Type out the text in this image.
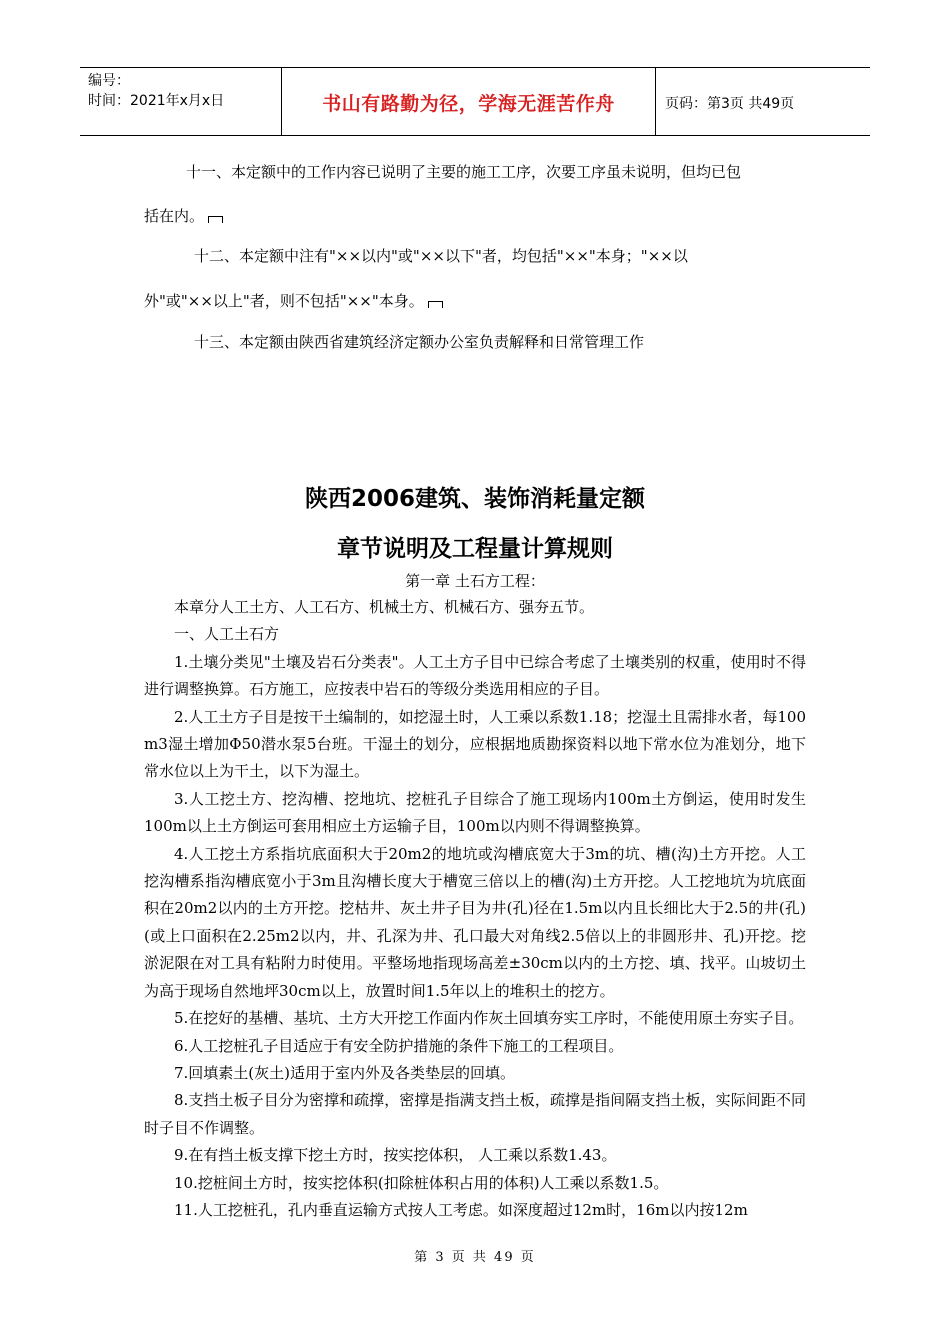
编号：
时间：2021年x月x日	书山有路勤为径，学海无涯苦作舟	页码：第3页 共49页
十一、本定额中的工作内容已说明了主要的施工工序，次要工序虽未说明，但均已包
括在内。
十二、本定额中注有"××以内"或"××以下"者，均包括"××"本身；"××以
外"或"××以上"者，则不包括"××"本身。
十三、本定额由陕西省建筑经济定额办公室负责解释和日常管理工作
陕西2006建筑、装饰消耗量定额
章节说明及工程量计算规则
第一章 土石方工程：

本章分人工土方、人工石方、机械土方、机械石方、强夯五节。

一、人工土石方

1.土壤分类见"土壤及岩石分类表"。人工土方子目中已综合考虑了土壤类别的权重，使用时不得进行调整换算。石方施工，应按表中岩石的等级分类选用相应的子目。

2.人工土方子目是按干土编制的，如挖湿土时，人工乘以系数1.18；挖湿土且需排水者，每100 m3湿土增加Φ50潜水泵5台班。干湿土的划分，应根据地质勘探资料以地下常水位为准划分，地下常水位以上为干土，以下为湿土。

3.人工挖土方、挖沟槽、挖地坑、挖桩孔子目综合了施工现场内100m土方倒运，使用时发生100m以上土方倒运可套用相应土方运输子目，100m以内则不得调整换算。

4.人工挖土方系指坑底面积大于20m2的地坑或沟槽底宽大于3m的坑、槽(沟)土方开挖。人工挖沟槽系指沟槽底宽小于3m且沟槽长度大于槽宽三倍以上的槽(沟)土方开挖。人工挖地坑为坑底面积在20m2以内的土方开挖。挖枯井、灰土井子目为井(孔)径在1.5m以内且长细比大于2.5的井(孔)(或上口面积在2.25m2以内，井、孔深为井、孔口最大对角线2.5倍以上的非圆形井、孔)开挖。挖淤泥限在对工具有粘附力时使用。平整场地指现场高差±30cm以内的土方挖、填、找平。山坡切土为高于现场自然地坪30cm以上，放置时间1.5年以上的堆积土的挖方。

5.在挖好的基槽、基坑、土方大开挖工作面内作灰土回填夯实工序时，不能使用原土夯实子目。

6.人工挖桩孔子目适应于有安全防护措施的条件下施工的工程项目。

7.回填素土(灰土)适用于室内外及各类垫层的回填。

8.支挡土板子目分为密撑和疏撑，密撑是指满支挡土板，疏撑是指间隔支挡土板，实际间距不同时子目不作调整。

9.在有挡土板支撑下挖土方时，按实挖体积， 人工乘以系数1.43。

10.挖桩间土方时，按实挖体积(扣除桩体积占用的体积)人工乘以系数1.5。

11.人工挖桩孔，孔内垂直运输方式按人工考虑。如深度超过12m时，16m以内按12m

第 3 页 共 49 页
